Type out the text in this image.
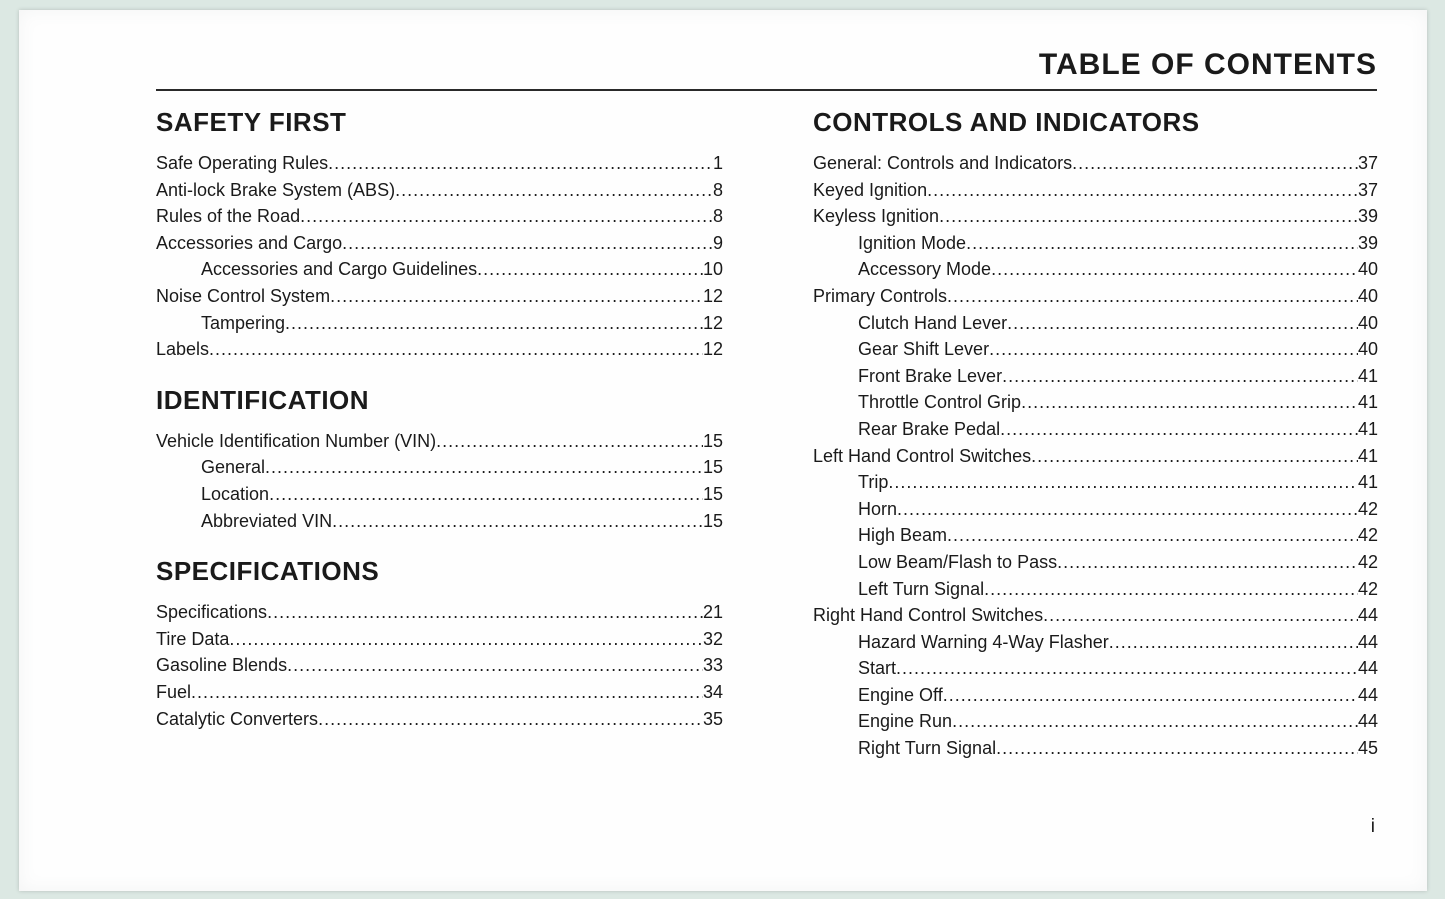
TABLE OF CONTENTS
SAFETY FIRST
Safe Operating Rules .....	1
Anti-lock Brake System (ABS) .....	8
Rules of the Road .....	8
Accessories and Cargo .....	9
Accessories and Cargo Guidelines .....	10
Noise Control System .....	12
Tampering .....	12
Labels .....	12
IDENTIFICATION
Vehicle Identification Number (VIN) .....	15
General .....	15
Location .....	15
Abbreviated VIN .....	15
SPECIFICATIONS
Specifications .....	21
Tire Data .....	32
Gasoline Blends .....	33
Fuel .....	34
Catalytic Converters .....	35
CONTROLS AND INDICATORS
General: Controls and Indicators .....	37
Keyed Ignition .....	37
Keyless Ignition .....	39
Ignition Mode .....	39
Accessory Mode .....	40
Primary Controls .....	40
Clutch Hand Lever .....	40
Gear Shift Lever .....	40
Front Brake Lever .....	41
Throttle Control Grip .....	41
Rear Brake Pedal .....	41
Left Hand Control Switches .....	41
Trip .....	41
Horn .....	42
High Beam .....	42
Low Beam/Flash to Pass .....	42
Left Turn Signal .....	42
Right Hand Control Switches .....	44
Hazard Warning 4-Way Flasher .....	44
Start .....	44
Engine Off .....	44
Engine Run .....	44
Right Turn Signal .....	45
i
